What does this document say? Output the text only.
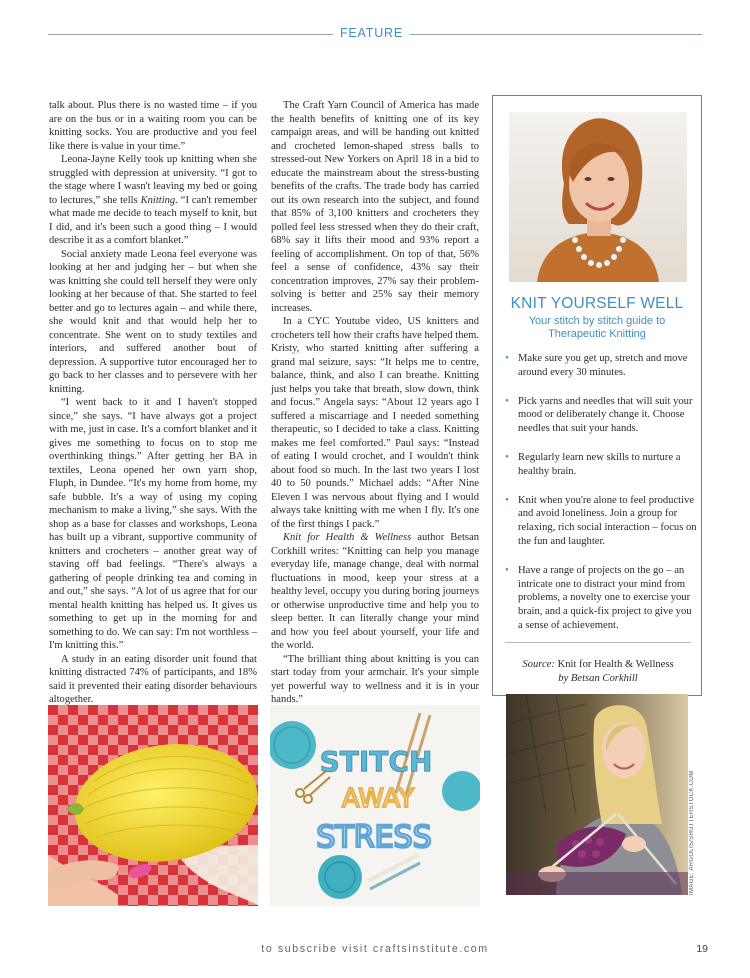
FEATURE

talk about. Plus there is no wasted time – if you are on the bus or in a waiting room you can be knitting socks. You are productive and you feel like there is value in your time.”

Leona-Jayne Kelly took up knitting when she struggled with depression at university. “I got to the stage where I wasn't leaving my bed or going to lectures,” she tells Knitting. “I can't remember what made me decide to teach myself to knit, but I did, and it's been such a good thing – I would describe it as a comfort blanket.”

Social anxiety made Leona feel everyone was looking at her and judging her – but when she was knitting she could tell herself they were only looking at her because of that. She started to feel better and go to lectures again – and while there, she would knit and that would help her to concentrate. She went on to study textiles and interiors, and suffered another bout of depression. A supportive tutor encouraged her to go back to her classes and to persevere with her knitting.

“I went back to it and I haven't stopped since,” she says. “I have always got a project with me, just in case. It's a comfort blanket and it gives me something to focus on to stop me overthinking things.” After getting her BA in textiles, Leona opened her own yarn shop, Fluph, in Dundee. “It's my home from home, my safe bubble. It's a way of using my coping mechanism to make a living,” she says. With the shop as a base for classes and workshops, Leona has built up a vibrant, supportive community of knitters and crocheters – another great way of staving off bad feelings. “There's always a gathering of people drinking tea and coming in and out,” she says. “A lot of us agree that for our mental health knitting has helped us. It gives us something to get up in the morning for and something to do. We can say: I'm not worthless – I'm knitting this.”

A study in an eating disorder unit found that knitting distracted 74% of participants, and 18% said it prevented their eating disorder behaviours altogether.

The Craft Yarn Council of America has made the health benefits of knitting one of its key campaign areas, and will be handing out knitted and crocheted lemon-shaped stress balls to stressed-out New Yorkers on April 18 in a bid to educate the mainstream about the stress-busting benefits of the crafts. The trade body has carried out its own research into the subject, and found that 85% of 3,100 knitters and crocheters they polled feel less stressed when they do their craft, 68% say it lifts their mood and 93% report a feeling of accomplishment. On top of that, 56% feel a sense of confidence, 43% say their concentration improves, 27% say their problem-solving is better and 25% say their memory increases.

In a CYC Youtube video, US knitters and crocheters tell how their crafts have helped them. Kristy, who started knitting after suffering a grand mal seizure, says: “It helps me to centre, balance, think, and also I can breathe. Knitting just helps you take that breath, slow down, think and focus.” Angela says: “About 12 years ago I suffered a miscarriage and I needed something therapeutic, so I decided to take a class. Knitting makes me feel comforted.” Paul says: “Instead of eating I would crochet, and I wouldn't think about food so much. In the last two years I lost 40 to 50 pounds.” Michael adds: “After Nine Eleven I was nervous about flying and I would always take knitting with me when I fly. It's one of the first things I pack.”

Knit for Health & Wellness author Betsan Corkhill writes: “Knitting can help you manage everyday life, manage change, deal with normal fluctuations in mood, keep your stress at a healthy level, occupy you during boring journeys or otherwise unproductive time and help you to sleep better. It can literally change your mind and how you feel about yourself, your life and the world.

“The brilliant thing about knitting is you can start today from your armchair. It's your simple yet powerful way to wellness and it is in your hands.”

KNIT YOURSELF WELL
Your stitch by stitch guide to Therapeutic Knitting
• Make sure you get up, stretch and move around every 30 minutes.
• Pick yarns and needles that will suit your mood or deliberately change it. Choose needles that suit your hands.
• Regularly learn new skills to nurture a healthy brain.
• Knit when you're alone to feel productive and avoid loneliness. Join a group for relaxing, rich social interaction – focus on the fun and laughter.
• Have a range of projects on the go – an intricate one to distract your mind from problems, a novelty one to exercise your brain, and a quick-fix project to give you a sense of achievement.
Source: Knit for Health & Wellness
by Betsan Corkhill
STITCH
AWAY
STRESS	IMAGE: ARGOLIS/SHUTTERSTOCK.COM
to subscribe visit craftsinstitute.com	19
